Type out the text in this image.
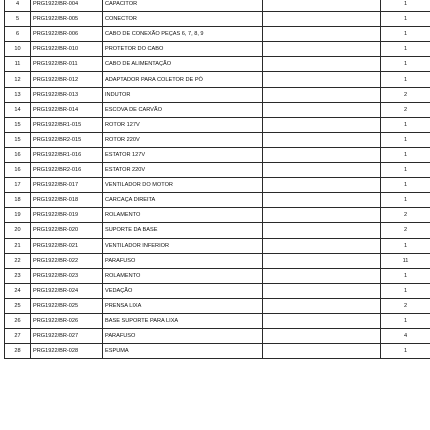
4	PRG1922/BR-004	CAPACITOR		1
5	PRG1922/BR-005	CONECTOR		1
6	PRG1922/BR-006	CABO DE CONEXÃO PEÇAS 6, 7, 8, 9		1
10	PRG1922/BR-010	PROTETOR DO CABO		1
11	PRG1922/BR-011	CABO DE ALIMENTAÇÃO		1
12	PRG1922/BR-012	ADAPTADOR PARA COLETOR DE PÓ		1
13	PRG1922/BR-013	INDUTOR		2
14	PRG1922/BR-014	ESCOVA DE CARVÃO		2
15	PRG1922/BR1-015	ROTOR 127V		1
15	PRG1922/BR2-015	ROTOR 220V		1
16	PRG1922/BR1-016	ESTATOR 127V		1
16	PRG1922/BR2-016	ESTATOR 220V		1
17	PRG1922/BR-017	VENTILADOR DO MOTOR		1
18	PRG1922/BR-018	CARCAÇA DIREITA		1
19	PRG1922/BR-019	ROLAMENTO		2
20	PRG1922/BR-020	SUPORTE DA BASE		2
21	PRG1922/BR-021	VENTILADOR INFERIOR		1
22	PRG1922/BR-022	PARAFUSO		11
23	PRG1922/BR-023	ROLAMENTO		1
24	PRG1922/BR-024	VEDAÇÃO		1
25	PRG1922/BR-025	PRENSA LIXA		2
26	PRG1922/BR-026	BASE SUPORTE PARA LIXA		1
27	PRG1922/BR-027	PARAFUSO		4
28	PRG1922/BR-028	ESPUMA		1
